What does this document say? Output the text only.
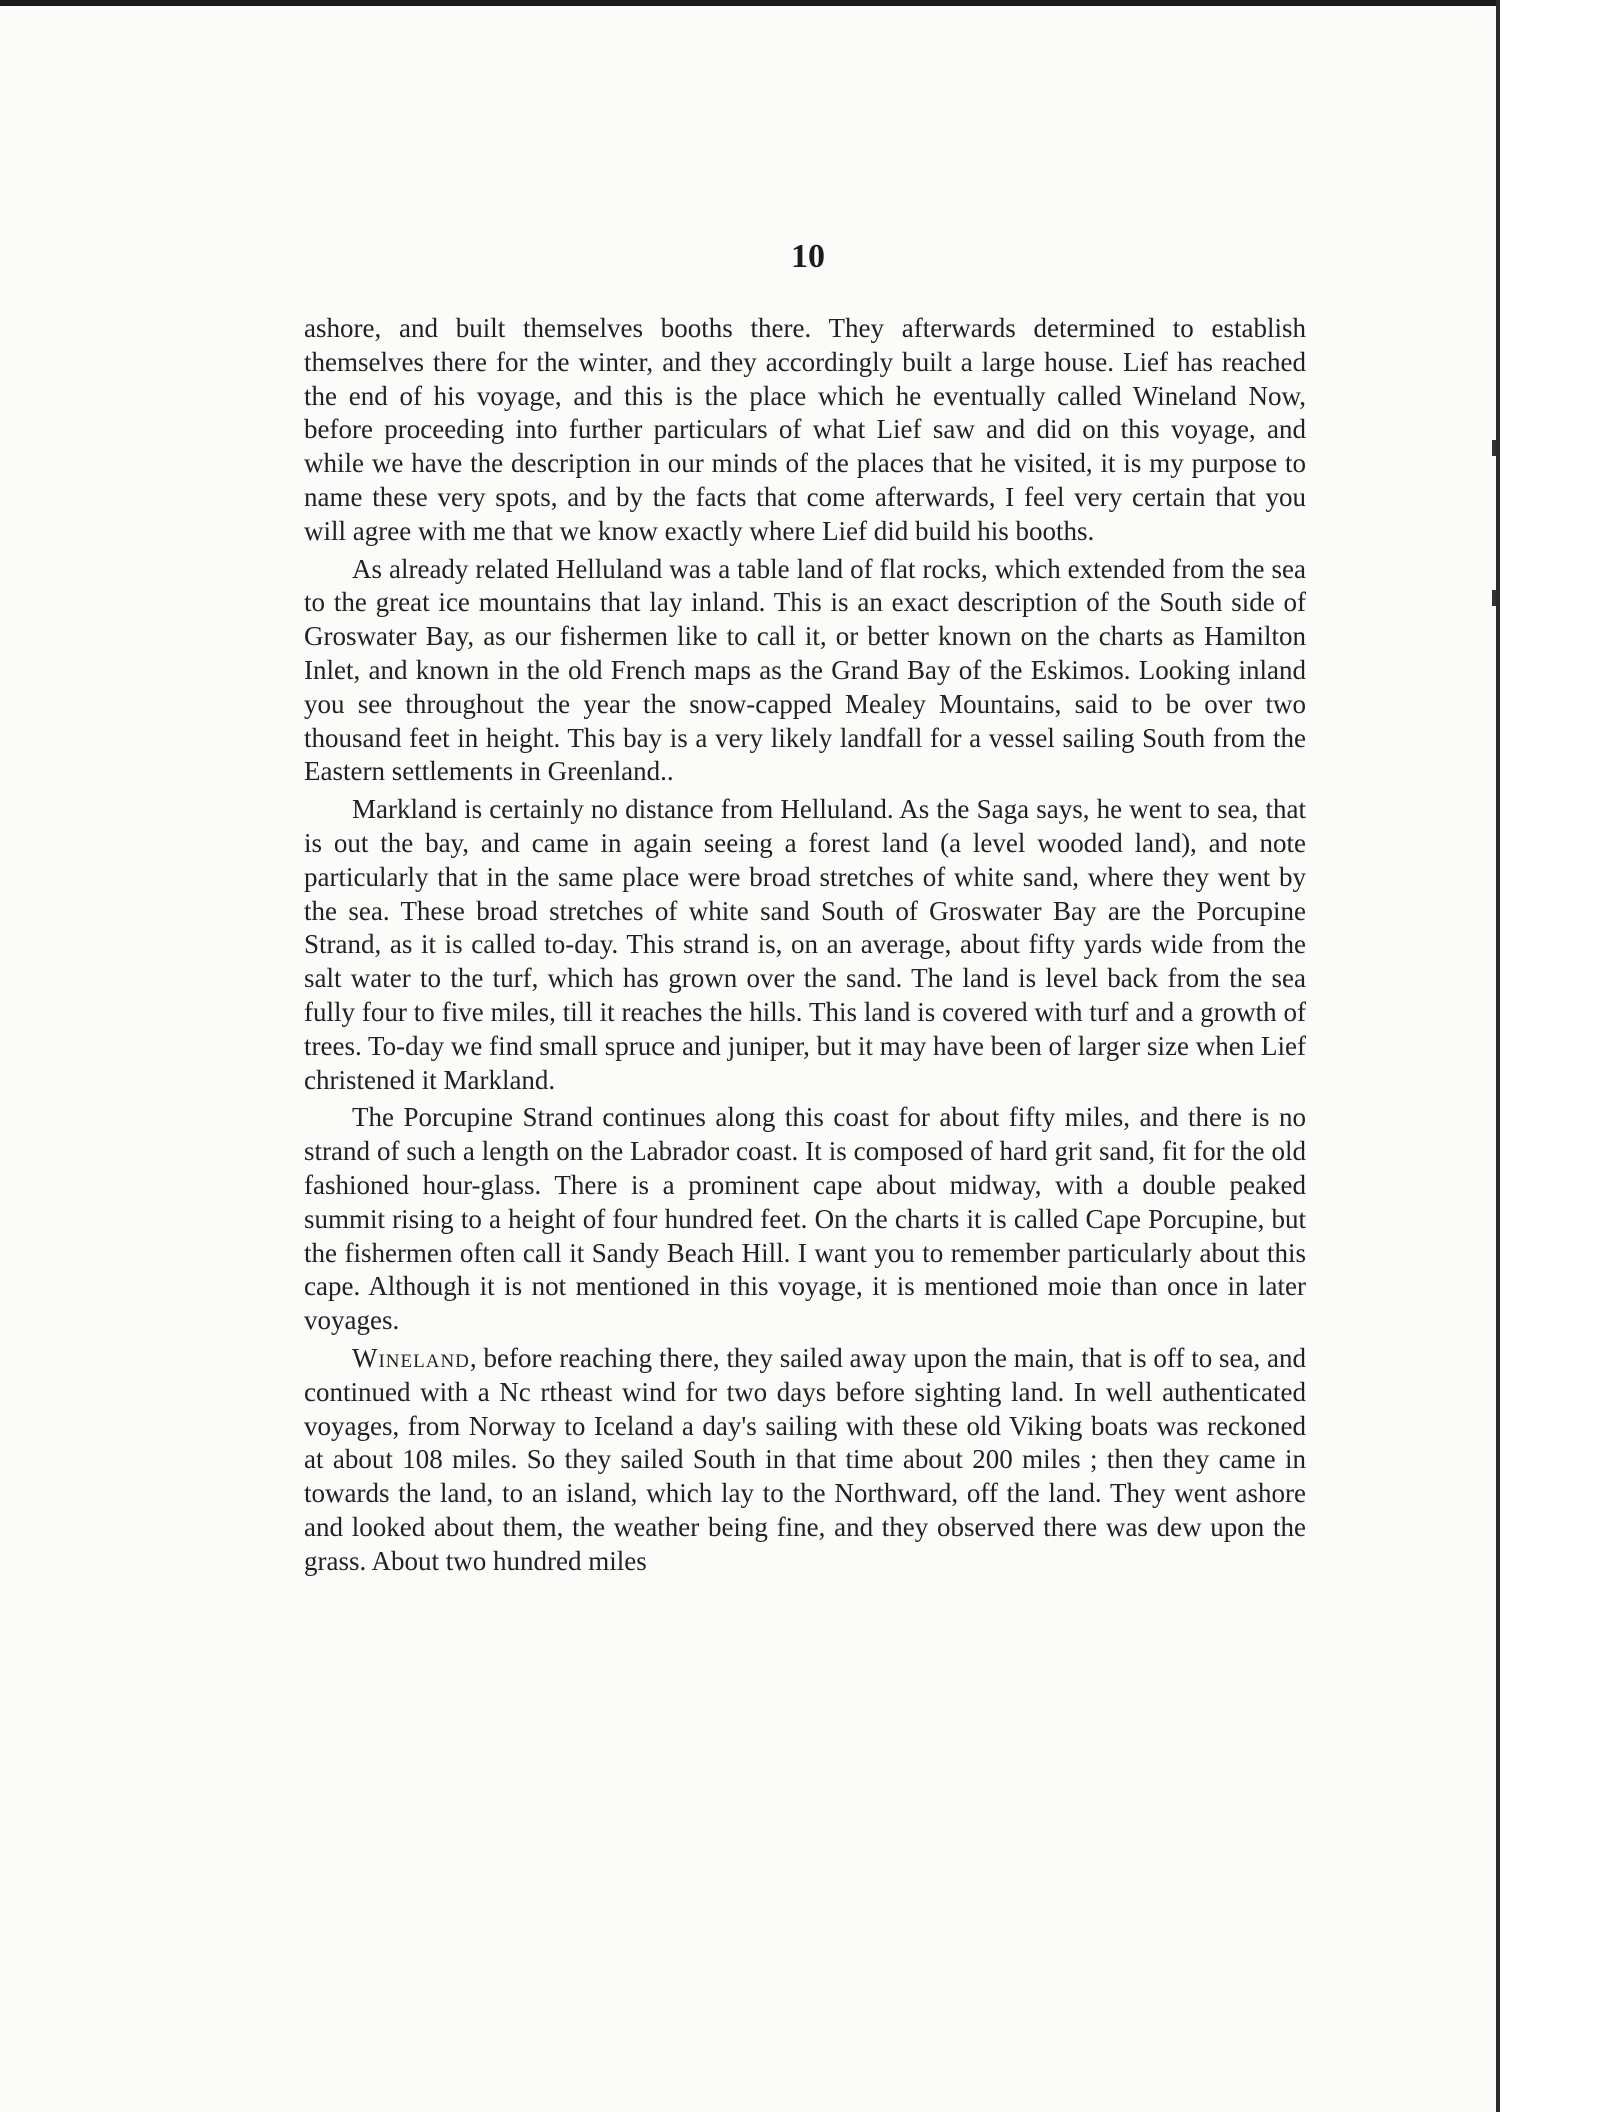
10

ashore, and built themselves booths there. They afterwards determined to establish themselves there for the winter, and they accordingly built a large house. Lief has reached the end of his voyage, and this is the place which he eventually called Wineland Now, before proceeding into further particulars of what Lief saw and did on this voyage, and while we have the description in our minds of the places that he visited, it is my purpose to name these very spots, and by the facts that come afterwards, I feel very certain that you will agree with me that we know exactly where Lief did build his booths.

As already related Helluland was a table land of flat rocks, which extended from the sea to the great ice mountains that lay inland. This is an exact description of the South side of Groswater Bay, as our fishermen like to call it, or better known on the charts as Hamilton Inlet, and known in the old French maps as the Grand Bay of the Eskimos. Looking inland you see throughout the year the snow-capped Mealey Mountains, said to be over two thousand feet in height. This bay is a very likely landfall for a vessel sailing South from the Eastern settlements in Greenland..

Markland is certainly no distance from Helluland. As the Saga says, he went to sea, that is out the bay, and came in again seeing a forest land (a level wooded land), and note particularly that in the same place were broad stretches of white sand, where they went by the sea. These broad stretches of white sand South of Groswater Bay are the Porcupine Strand, as it is called to-day. This strand is, on an average, about fifty yards wide from the salt water to the turf, which has grown over the sand. The land is level back from the sea fully four to five miles, till it reaches the hills. This land is covered with turf and a growth of trees. To-day we find small spruce and juniper, but it may have been of larger size when Lief christened it Markland.

The Porcupine Strand continues along this coast for about fifty miles, and there is no strand of such a length on the Labrador coast. It is composed of hard grit sand, fit for the old fashioned hour-glass. There is a prominent cape about midway, with a double peaked summit rising to a height of four hundred feet. On the charts it is called Cape Porcupine, but the fishermen often call it Sandy Beach Hill. I want you to remember particularly about this cape. Although it is not mentioned in this voyage, it is mentioned moie than once in later voyages.

Wineland, before reaching there, they sailed away upon the main, that is off to sea, and continued with a Nc rtheast wind for two days before sighting land. In well authenticated voyages, from Norway to Iceland a day's sailing with these old Viking boats was reckoned at about 108 miles. So they sailed South in that time about 200 miles ; then they came in towards the land, to an island, which lay to the Northward, off the land. They went ashore and looked about them, the weather being fine, and they observed there was dew upon the grass. About two hundred miles
